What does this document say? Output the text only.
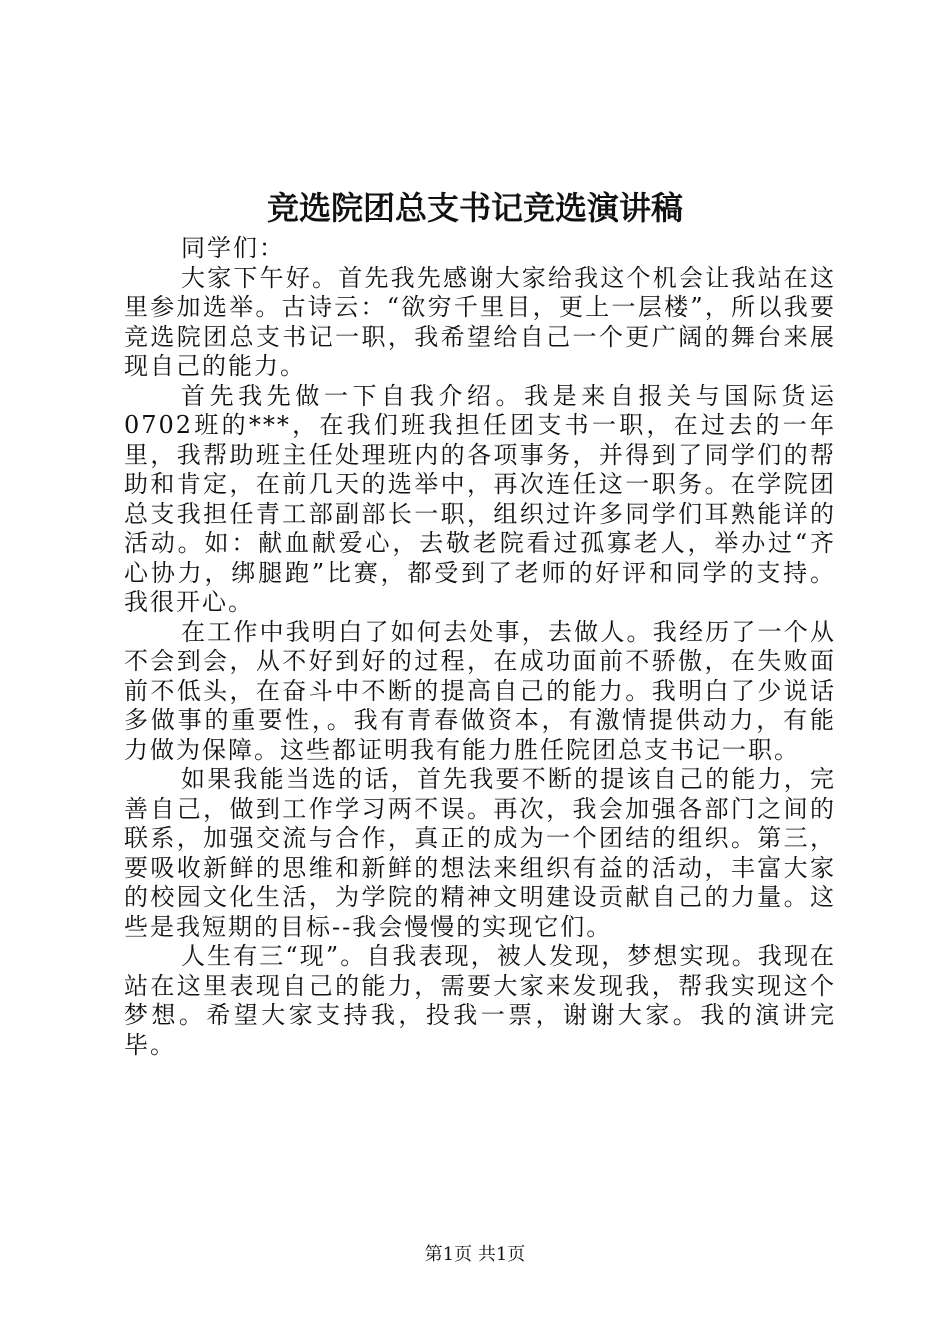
竞选院团总支书记竞选演讲稿

同学们：

大家下午好。首先我先感谢大家给我这个机会让我站在这里参加选举。古诗云：“欲穷千里目，更上一层楼”，所以我要竞选院团总支书记一职，我希望给自己一个更广阔的舞台来展现自己的能力。

首先我先做一下自我介绍。我是来自报关与国际货运0702班的***，在我们班我担任团支书一职，在过去的一年里，我帮助班主任处理班内的各项事务，并得到了同学们的帮助和肯定，在前几天的选举中，再次连任这一职务。在学院团总支我担任青工部副部长一职，组织过许多同学们耳熟能详的活动。如：献血献爱心，去敬老院看过孤寡老人，举办过“齐心协力，绑腿跑”比赛，都受到了老师的好评和同学的支持。我很开心。

在工作中我明白了如何去处事，去做人。我经历了一个从不会到会，从不好到好的过程，在成功面前不骄傲，在失败面前不低头，在奋斗中不断的提高自己的能力。我明白了少说话多做事的重要性，。我有青春做资本，有激情提供动力，有能力做为保障。这些都证明我有能力胜任院团总支书记一职。

如果我能当选的话，首先我要不断的提该自己的能力，完善自己，做到工作学习两不误。再次，我会加强各部门之间的联系，加强交流与合作，真正的成为一个团结的组织。第三，要吸收新鲜的思维和新鲜的想法来组织有益的活动，丰富大家的校园文化生活，为学院的精神文明建设贡献自己的力量。这些是我短期的目标--我会慢慢的实现它们。

人生有三“现”。自我表现，被人发现，梦想实现。我现在站在这里表现自己的能力，需要大家来发现我，帮我实现这个梦想。希望大家支持我，投我一票，谢谢大家。我的演讲完毕。

第1页 共1页
